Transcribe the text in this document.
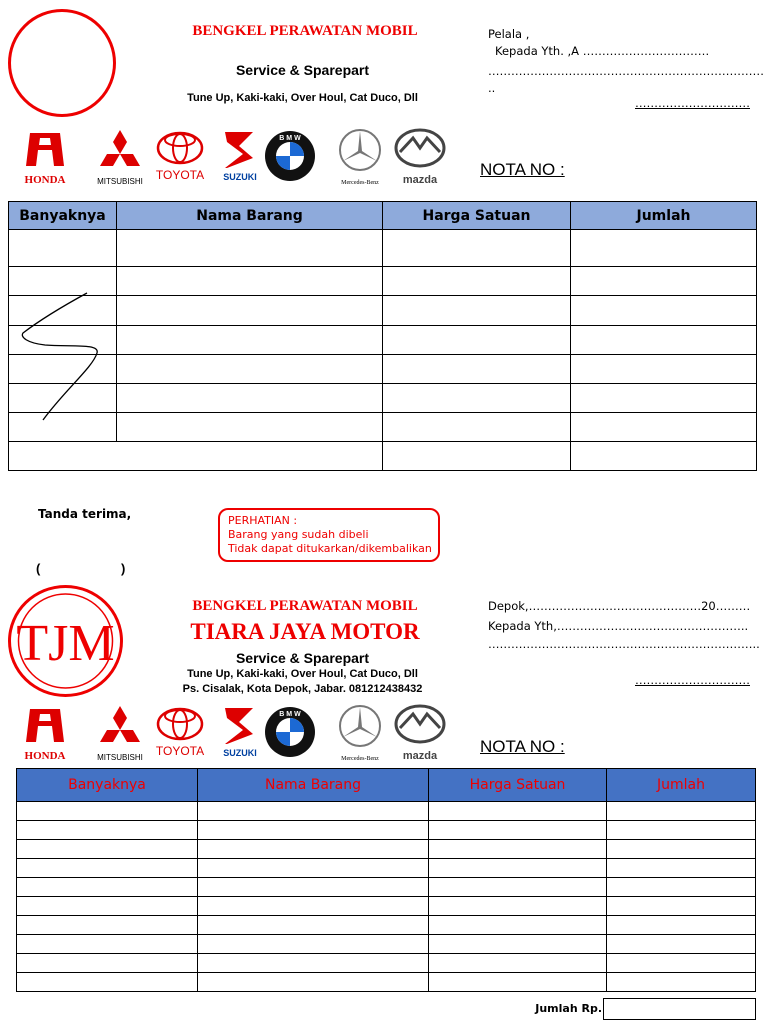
BENGKEL PERAWATAN MOBIL
Service & Sparepart
Tune Up, Kaki-kaki, Over Houl, Cat Duco, Dll
Pelala ,
Kepada Yth. ,A ……………………………
………………………………………………………………
..
…………………………
HONDA	MITSUBISHI	TOYOTA	SUZUKI
B M W
Mercedes-Benz	mazda
NOTA NO :
Banyaknya	Nama Barang	Harga Satuan	Jumlah

Tanda terima,
(	)
PERHATIAN :
Barang yang sudah dibeli
Tidak dapat ditukarkan/dikembalikan
TJM
BENGKEL PERAWATAN MOBIL
TIARA JAYA MOTOR
Service & Sparepart
Tune Up, Kaki-kaki, Over Houl, Cat Duco, Dll
Ps. Cisalak, Kota Depok, Jabar. 081212438432
Depok,………………………………………20………
Kepada Yth,…………………………………………..
……………………………………………………………..
…………………………
HONDA	MITSUBISHI	TOYOTA	SUZUKI
B M W
Mercedes-Benz	mazda	NOTA NO :
Banyaknya	Nama Barang	Harga Satuan	Jumlah

Jumlah Rp.
